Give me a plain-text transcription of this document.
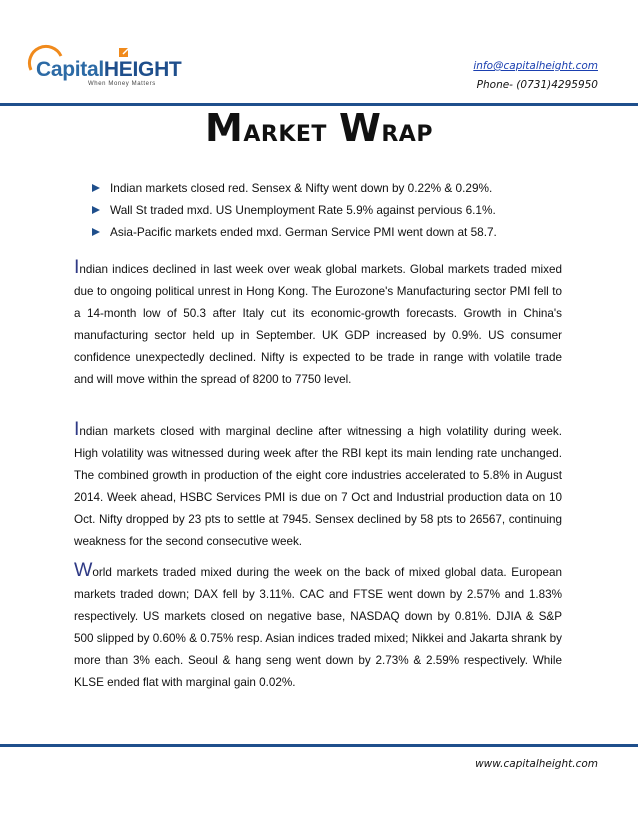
CapitalHEIGHT
When Money Matters
info@capitalheight.com
Phone- (0731)4295950
MARKET WRAP
Indian markets closed red. Sensex & Nifty went down by 0.22% & 0.29%.
Wall St traded mxd. US Unemployment Rate 5.9% against pervious 6.1%.
Asia-Pacific markets ended mxd. German Service PMI went down at 58.7.

Indian indices declined in last week over weak global markets. Global markets traded mixed due to ongoing political unrest in Hong Kong. The Eurozone's Manufacturing sector PMI fell to a 14-month low of 50.3 after Italy cut its economic-growth forecasts. Growth in China's manufacturing sector held up in September. UK GDP increased by 0.9%. US consumer confidence unexpectedly declined. Nifty is expected to be trade in range with volatile trade and will move within the spread of 8200 to 7750 level.

Indian markets closed with marginal decline after witnessing a high volatility during week. High volatility was witnessed during week after the RBI kept its main lending rate unchanged. The combined growth in production of the eight core industries accelerated to 5.8% in August 2014. Week ahead, HSBC Services PMI is due on 7 Oct and Industrial production data on 10 Oct. Nifty dropped by 23 pts to settle at 7945. Sensex declined by 58 pts to 26567, continuing weakness for the second consecutive week.

World markets traded mixed during the week on the back of mixed global data. European markets traded down; DAX fell by 3.11%. CAC and FTSE went down by 2.57% and 1.83% respectively. US markets closed on negative base, NASDAQ down by 0.81%. DJIA & S&P 500 slipped by 0.60% & 0.75% resp. Asian indices traded mixed; Nikkei and Jakarta shrank by more than 3% each. Seoul & hang seng went down by 2.73% & 2.59% respectively. While KLSE ended flat with marginal gain 0.02%.

www.capitalheight.com
